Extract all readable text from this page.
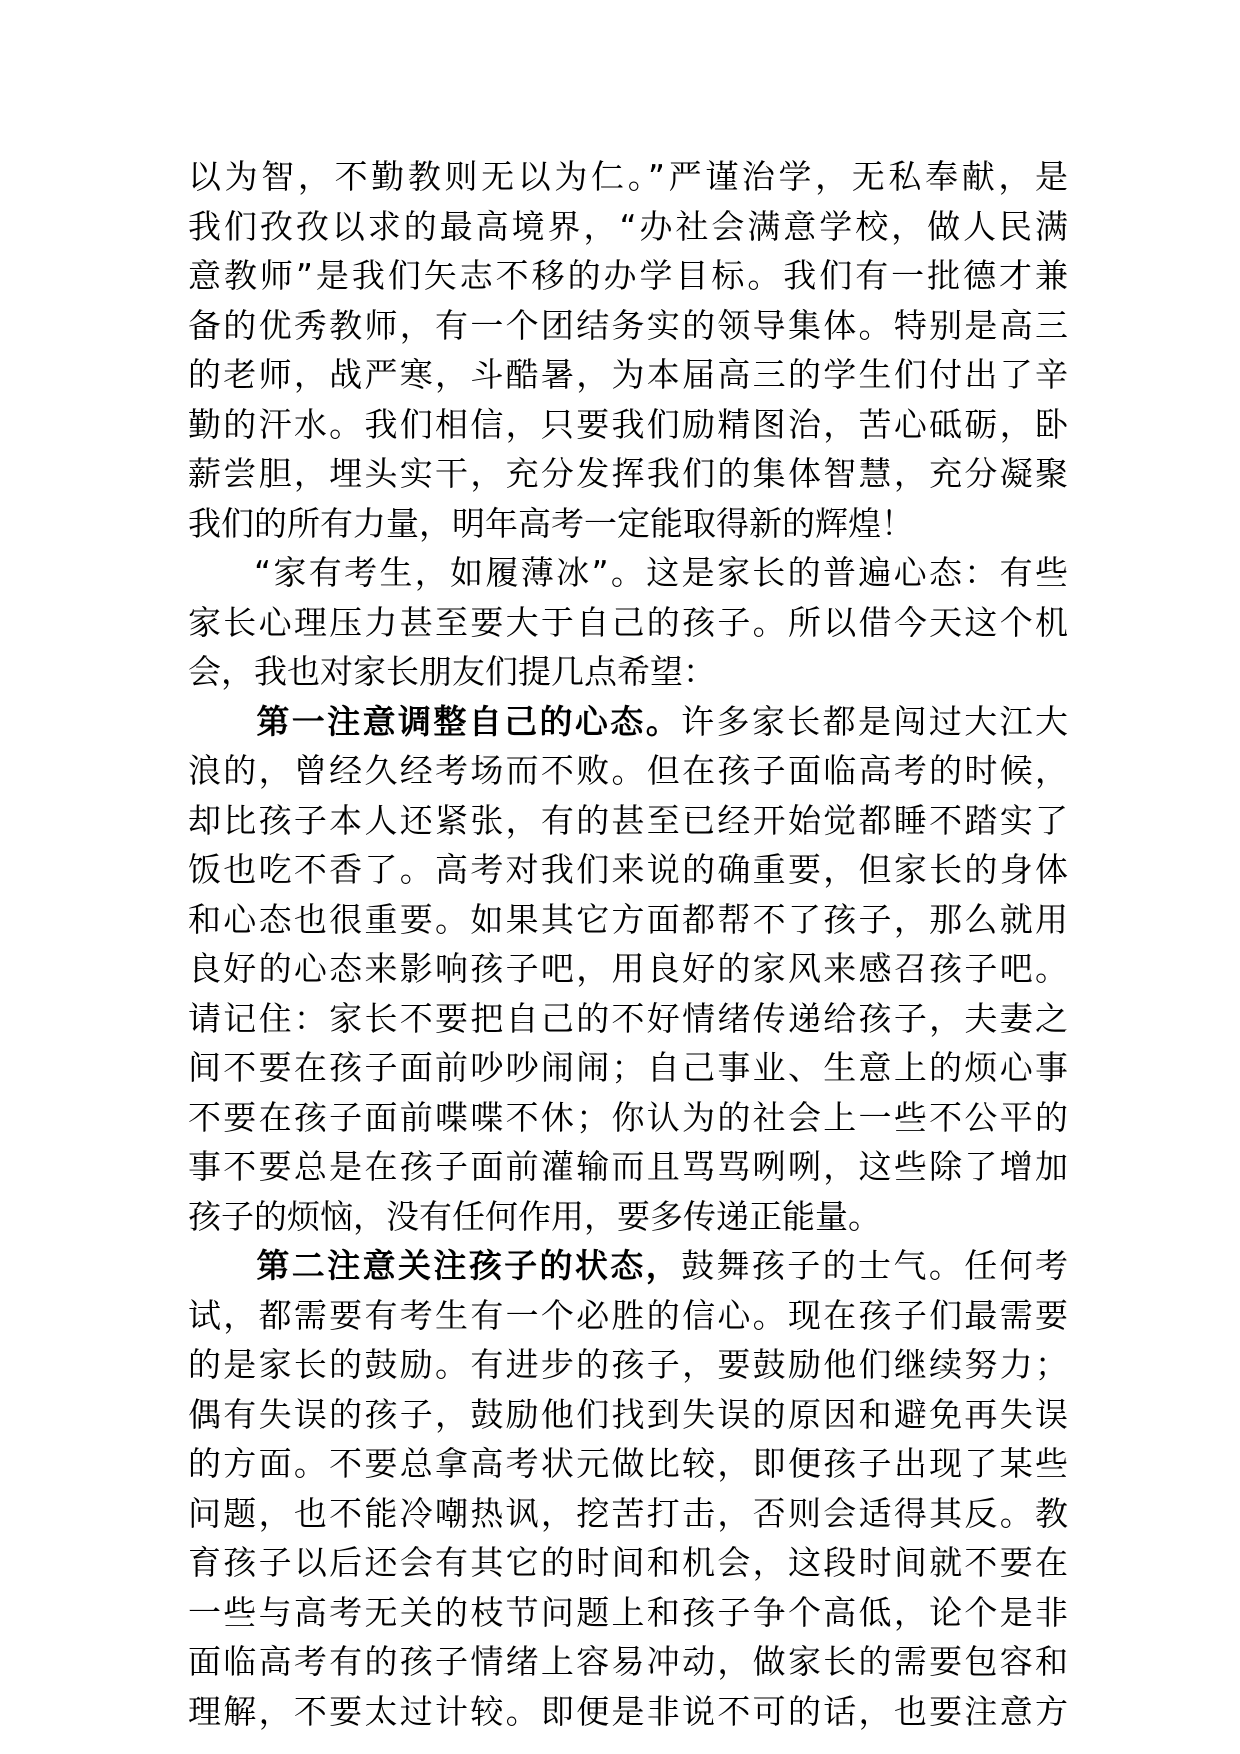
以为智，不勤教则无以为仁。”严谨治学，无私奉献，是
我们孜孜以求的最高境界，“办社会满意学校，做人民满
意教师”是我们矢志不移的办学目标。我们有一批德才兼
备的优秀教师，有一个团结务实的领导集体。特别是高三
的老师，战严寒，斗酷暑，为本届高三的学生们付出了辛
勤的汗水。我们相信，只要我们励精图治，苦心砥砺，卧
薪尝胆，埋头实干，充分发挥我们的集体智慧，充分凝聚
我们的所有力量，明年高考一定能取得新的辉煌！
“家有考生，如履薄冰”。这是家长的普遍心态：有些
家长心理压力甚至要大于自己的孩子。所以借今天这个机
会，我也对家长朋友们提几点希望：
第一注意调整自己的心态。许多家长都是闯过大江大
浪的，曾经久经考场而不败。但在孩子面临高考的时候，
却比孩子本人还紧张，有的甚至已经开始觉都睡不踏实了
饭也吃不香了。高考对我们来说的确重要，但家长的身体
和心态也很重要。如果其它方面都帮不了孩子，那么就用
良好的心态来影响孩子吧，用良好的家风来感召孩子吧。
请记住：家长不要把自己的不好情绪传递给孩子，夫妻之
间不要在孩子面前吵吵闹闹；自己事业、生意上的烦心事
不要在孩子面前喋喋不休；你认为的社会上一些不公平的
事不要总是在孩子面前灌输而且骂骂咧咧，这些除了增加
孩子的烦恼，没有任何作用，要多传递正能量。
第二注意关注孩子的状态，鼓舞孩子的士气。任何考
试，都需要有考生有一个必胜的信心。现在孩子们最需要
的是家长的鼓励。有进步的孩子，要鼓励他们继续努力；
偶有失误的孩子，鼓励他们找到失误的原因和避免再失误
的方面。不要总拿高考状元做比较，即便孩子出现了某些
问题，也不能冷嘲热讽，挖苦打击，否则会适得其反。教
育孩子以后还会有其它的时间和机会，这段时间就不要在
一些与高考无关的枝节问题上和孩子争个高低，论个是非
面临高考有的孩子情绪上容易冲动，做家长的需要包容和
理解，不要太过计较。即便是非说不可的话，也要注意方
